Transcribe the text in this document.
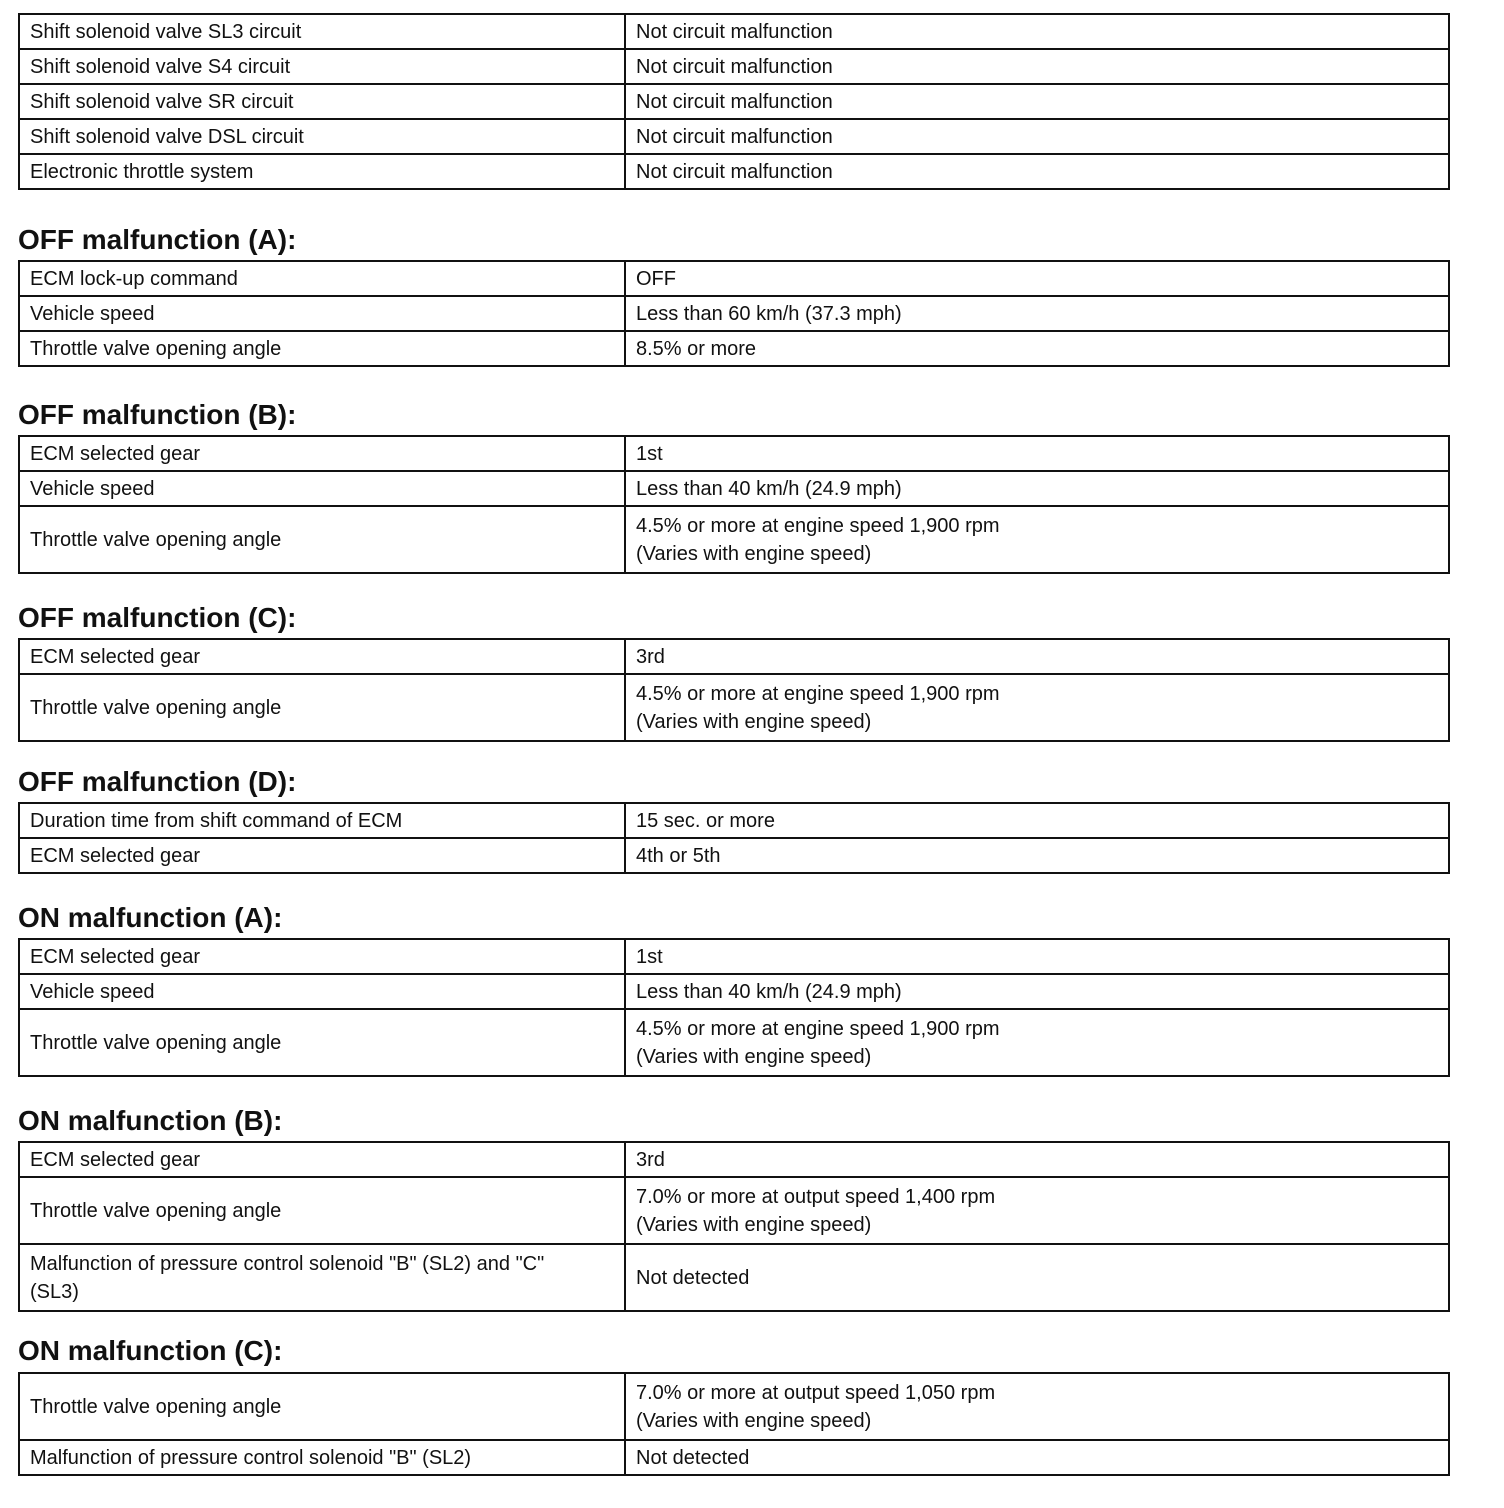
Shift solenoid valve SL3 circuit	Not circuit malfunction
Shift solenoid valve S4 circuit	Not circuit malfunction
Shift solenoid valve SR circuit	Not circuit malfunction
Shift solenoid valve DSL circuit	Not circuit malfunction
Electronic throttle system	Not circuit malfunction
OFF malfunction (A):
ECM lock-up command	OFF
Vehicle speed	Less than 60 km/h (37.3 mph)
Throttle valve opening angle	8.5% or more
OFF malfunction (B):
ECM selected gear	1st
Vehicle speed	Less than 40 km/h (24.9 mph)
Throttle valve opening angle	4.5% or more at engine speed 1,900 rpm
(Varies with engine speed)
OFF malfunction (C):
ECM selected gear	3rd
Throttle valve opening angle	4.5% or more at engine speed 1,900 rpm
(Varies with engine speed)
OFF malfunction (D):
Duration time from shift command of ECM	15 sec. or more
ECM selected gear	4th or 5th
ON malfunction (A):
ECM selected gear	1st
Vehicle speed	Less than 40 km/h (24.9 mph)
Throttle valve opening angle	4.5% or more at engine speed 1,900 rpm
(Varies with engine speed)
ON malfunction (B):
ECM selected gear	3rd
Throttle valve opening angle	7.0% or more at output speed 1,400 rpm
(Varies with engine speed)

Malfunction of pressure control solenoid "B" (SL2) and "C"
(SL3)	Not detected
ON malfunction (C):
Throttle valve opening angle	7.0% or more at output speed 1,050 rpm
(Varies with engine speed)

Malfunction of pressure control solenoid "B" (SL2)	Not detected
